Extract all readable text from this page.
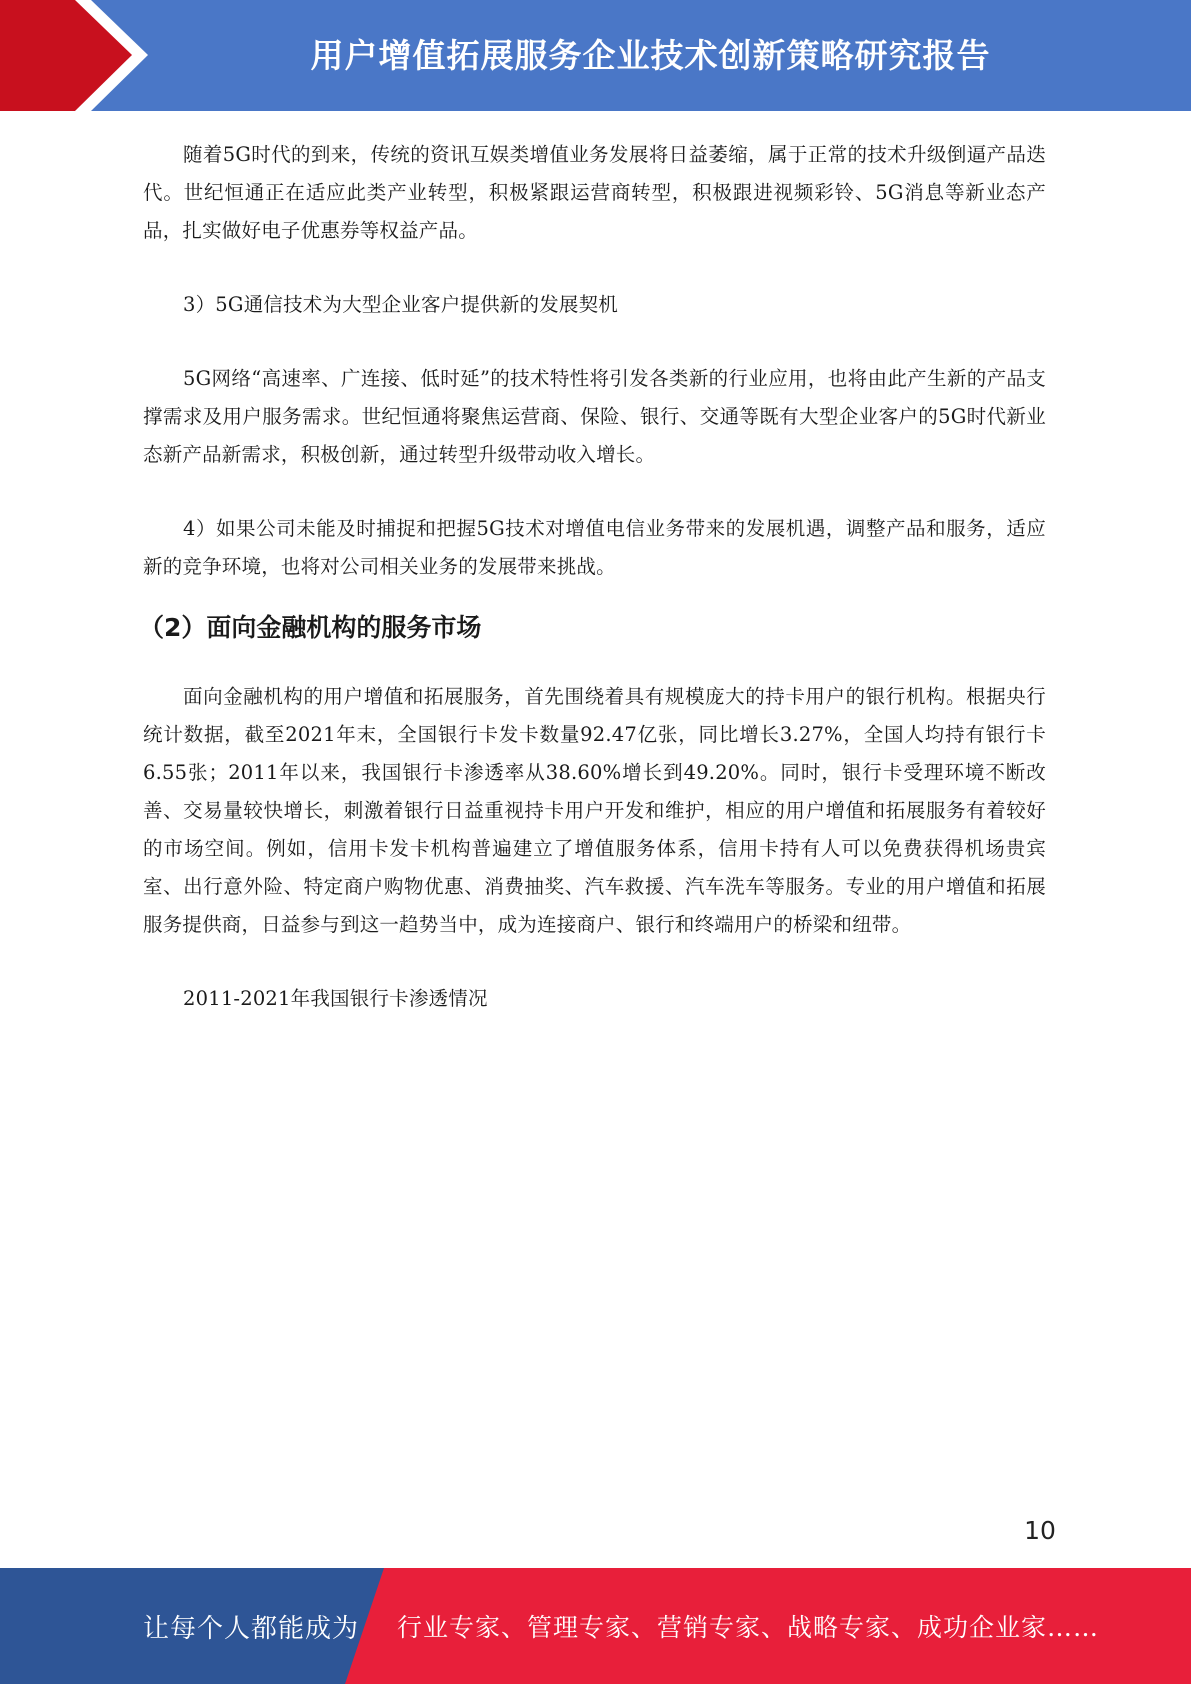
用户增值拓展服务企业技术创新策略研究报告

随着5G时代的到来，传统的资讯互娱类增值业务发展将日益萎缩，属于正常的技术升级倒逼产品迭代。世纪恒通正在适应此类产业转型，积极紧跟运营商转型，积极跟进视频彩铃、5G消息等新业态产品，扎实做好电子优惠券等权益产品。

3）5G通信技术为大型企业客户提供新的发展契机

5G网络“高速率、广连接、低时延”的技术特性将引发各类新的行业应用，也将由此产生新的产品支撑需求及用户服务需求。世纪恒通将聚焦运营商、保险、银行、交通等既有大型企业客户的5G时代新业态新产品新需求，积极创新，通过转型升级带动收入增长。

4）如果公司未能及时捕捉和把握5G技术对增值电信业务带来的发展机遇，调整产品和服务，适应新的竞争环境，也将对公司相关业务的发展带来挑战。

（2）面向金融机构的服务市场

面向金融机构的用户增值和拓展服务，首先围绕着具有规模庞大的持卡用户的银行机构。根据央行统计数据，截至2021年末，全国银行卡发卡数量92.47亿张，同比增长3.27%，全国人均持有银行卡6.55张；2011年以来，我国银行卡渗透率从38.60%增长到49.20%。同时，银行卡受理环境不断改善、交易量较快增长，刺激着银行日益重视持卡用户开发和维护，相应的用户增值和拓展服务有着较好的市场空间。例如，信用卡发卡机构普遍建立了增值服务体系，信用卡持有人可以免费获得机场贵宾室、出行意外险、特定商户购物优惠、消费抽奖、汽车救援、汽车洗车等服务。专业的用户增值和拓展服务提供商，日益参与到这一趋势当中，成为连接商户、银行和终端用户的桥梁和纽带。

2011-2021年我国银行卡渗透情况

10
让每个人都能成为 行业专家、管理专家、营销专家、战略专家、成功企业家……
